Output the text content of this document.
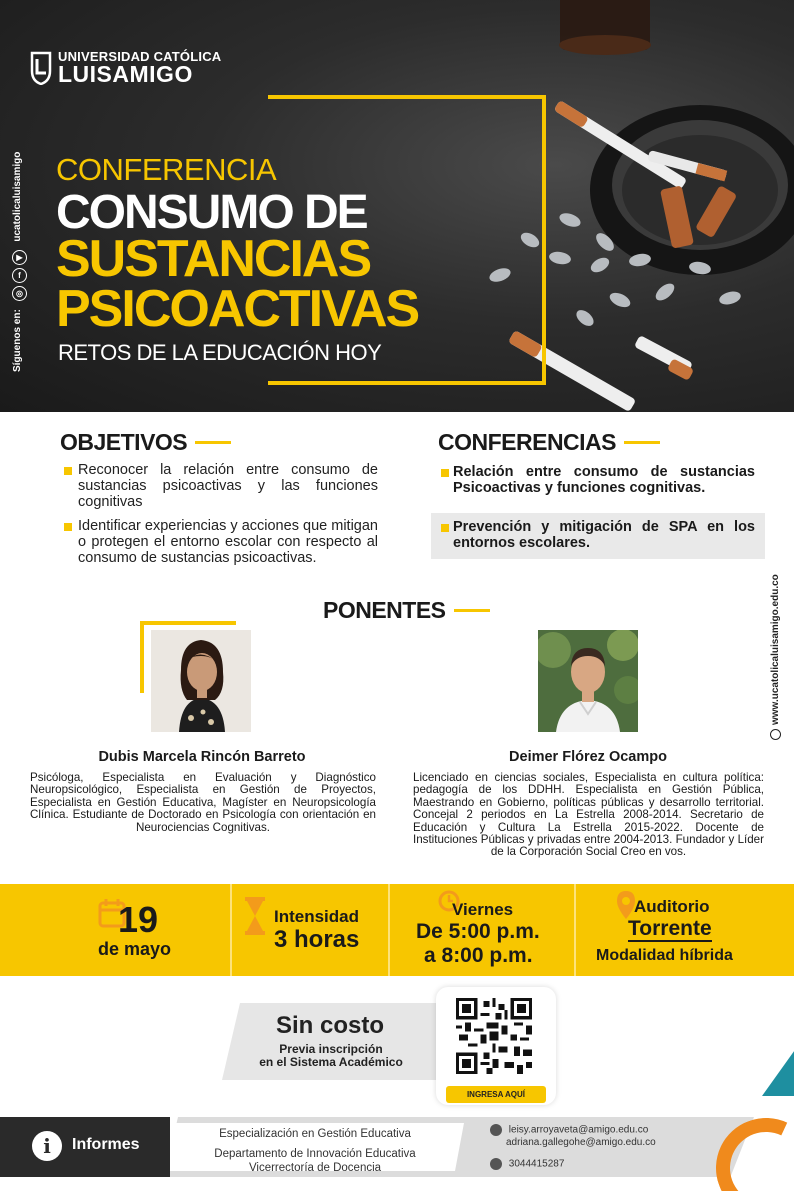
UNIVERSIDAD CATÓLICA
LUISAMIGO
Síguenos en:  ucatolicaluisamigo
▶
f
◎
CONFERENCIA
CONSUMO DE
SUSTANCIAS
PSICOACTIVAS
RETOS DE LA EDUCACIÓN HOY
OBJETIVOS
Reconocer la relación entre consumo de sustancias psicoactivas y las funciones cognitivas
Identificar experiencias y acciones que mitigan o protegen el entorno escolar con respecto al consumo de sustancias psicoactivas.
CONFERENCIAS
Relación entre consumo de sustancias Psicoactivas y funciones cognitivas.
Prevención y mitigación de SPA en los entornos escolares.
PONENTES
Dubis Marcela Rincón Barreto
Psicóloga, Especialista en Evaluación y Diagnóstico Neuropsicológico, Especialista en Gestión de Proyectos, Especialista en Gestión Educativa, Magíster en Neuropsicología Clínica. Estudiante de Doctorado en Psicología con orientación en Neurociencias Cognitivas.
Deimer Flórez Ocampo
Licenciado en ciencias sociales, Especialista en cultura política: pedagogía de los DDHH. Especialista en Gestión Pública, Maestrando en Gobierno, políticas públicas y desarrollo territorial. Concejal 2 periodos en La Estrella 2008-2014. Secretario de Educación y Cultura La Estrella 2015-2022. Docente de Instituciones Públicas y privadas entre 2004-2013. Fundador y Líder de la Corporación Social Creo en vos.
www.ucatolicaluisamigo.edu.co
19
de mayo
Intensidad
3 horas
Viernes
De 5:00 p.m.
a 8:00 p.m.
Auditorio
Torrente
Modalidad híbrida
Sin costo
Previa inscripción
en el Sistema Académico
INGRESA AQUÍ
i	Informes
Especialización en Gestión Educativa
Departamento de Innovación Educativa
Vicerrectoría de Docencia
leisy.arroyaveta@amigo.edu.co
adriana.gallegohe@amigo.edu.co
3044415287
